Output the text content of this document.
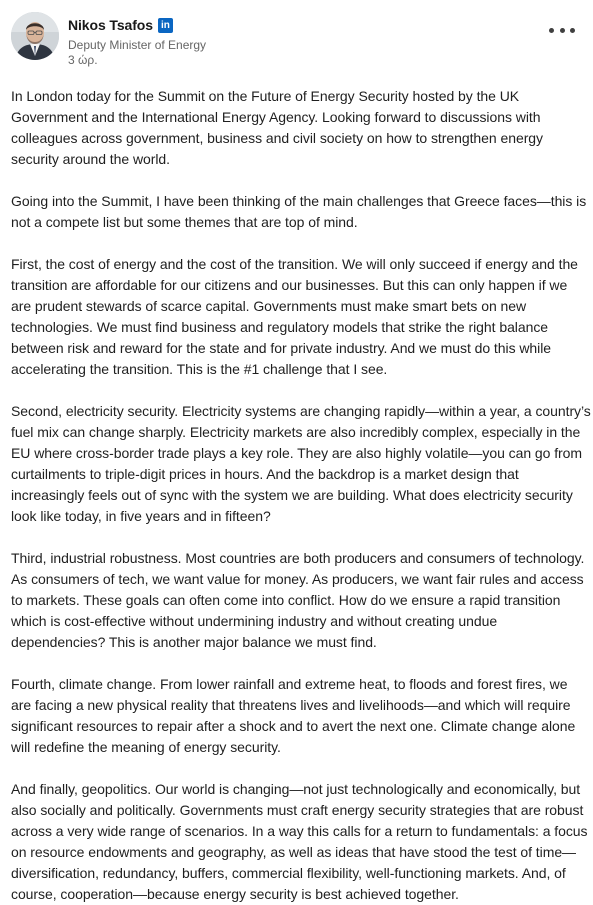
Nikos Tsafos in
Deputy Minister of Energy
3 ώρ.

In London today for the Summit on the Future of Energy Security hosted by the UK Government and the International Energy Agency. Looking forward to discussions with colleagues across government, business and civil society on how to strengthen energy security around the world.

Going into the Summit, I have been thinking of the main challenges that Greece faces—this is not a compete list but some themes that are top of mind.

First, the cost of energy and the cost of the transition. We will only succeed if energy and the transition are affordable for our citizens and our businesses. But this can only happen if we are prudent stewards of scarce capital. Governments must make smart bets on new technologies. We must find business and regulatory models that strike the right balance between risk and reward for the state and for private industry. And we must do this while accelerating the transition. This is the #1 challenge that I see.

Second, electricity security. Electricity systems are changing rapidly—within a year, a country’s fuel mix can change sharply. Electricity markets are also incredibly complex, especially in the EU where cross-border trade plays a key role. They are also highly volatile—you can go from curtailments to triple-digit prices in hours. And the backdrop is a market design that increasingly feels out of sync with the system we are building. What does electricity security look like today, in five years and in fifteen?

Third, industrial robustness. Most countries are both producers and consumers of technology. As consumers of tech, we want value for money. As producers, we want fair rules and access to markets. These goals can often come into conflict. How do we ensure a rapid transition which is cost-effective without undermining industry and without creating undue dependencies? This is another major balance we must find.

Fourth, climate change. From lower rainfall and extreme heat, to floods and forest fires, we are facing a new physical reality that threatens lives and livelihoods—and which will require significant resources to repair after a shock and to avert the next one. Climate change alone will redefine the meaning of energy security.

And finally, geopolitics. Our world is changing—not just technologically and economically, but also socially and politically. Governments must craft energy security strategies that are robust across a very wide range of scenarios. In a way this calls for a return to fundamentals: a focus on resource endowments and geography, as well as ideas that have stood the test of time—diversification, redundancy, buffers, commercial flexibility, well-functioning markets. And, of course, cooperation—because energy security is best achieved together.
